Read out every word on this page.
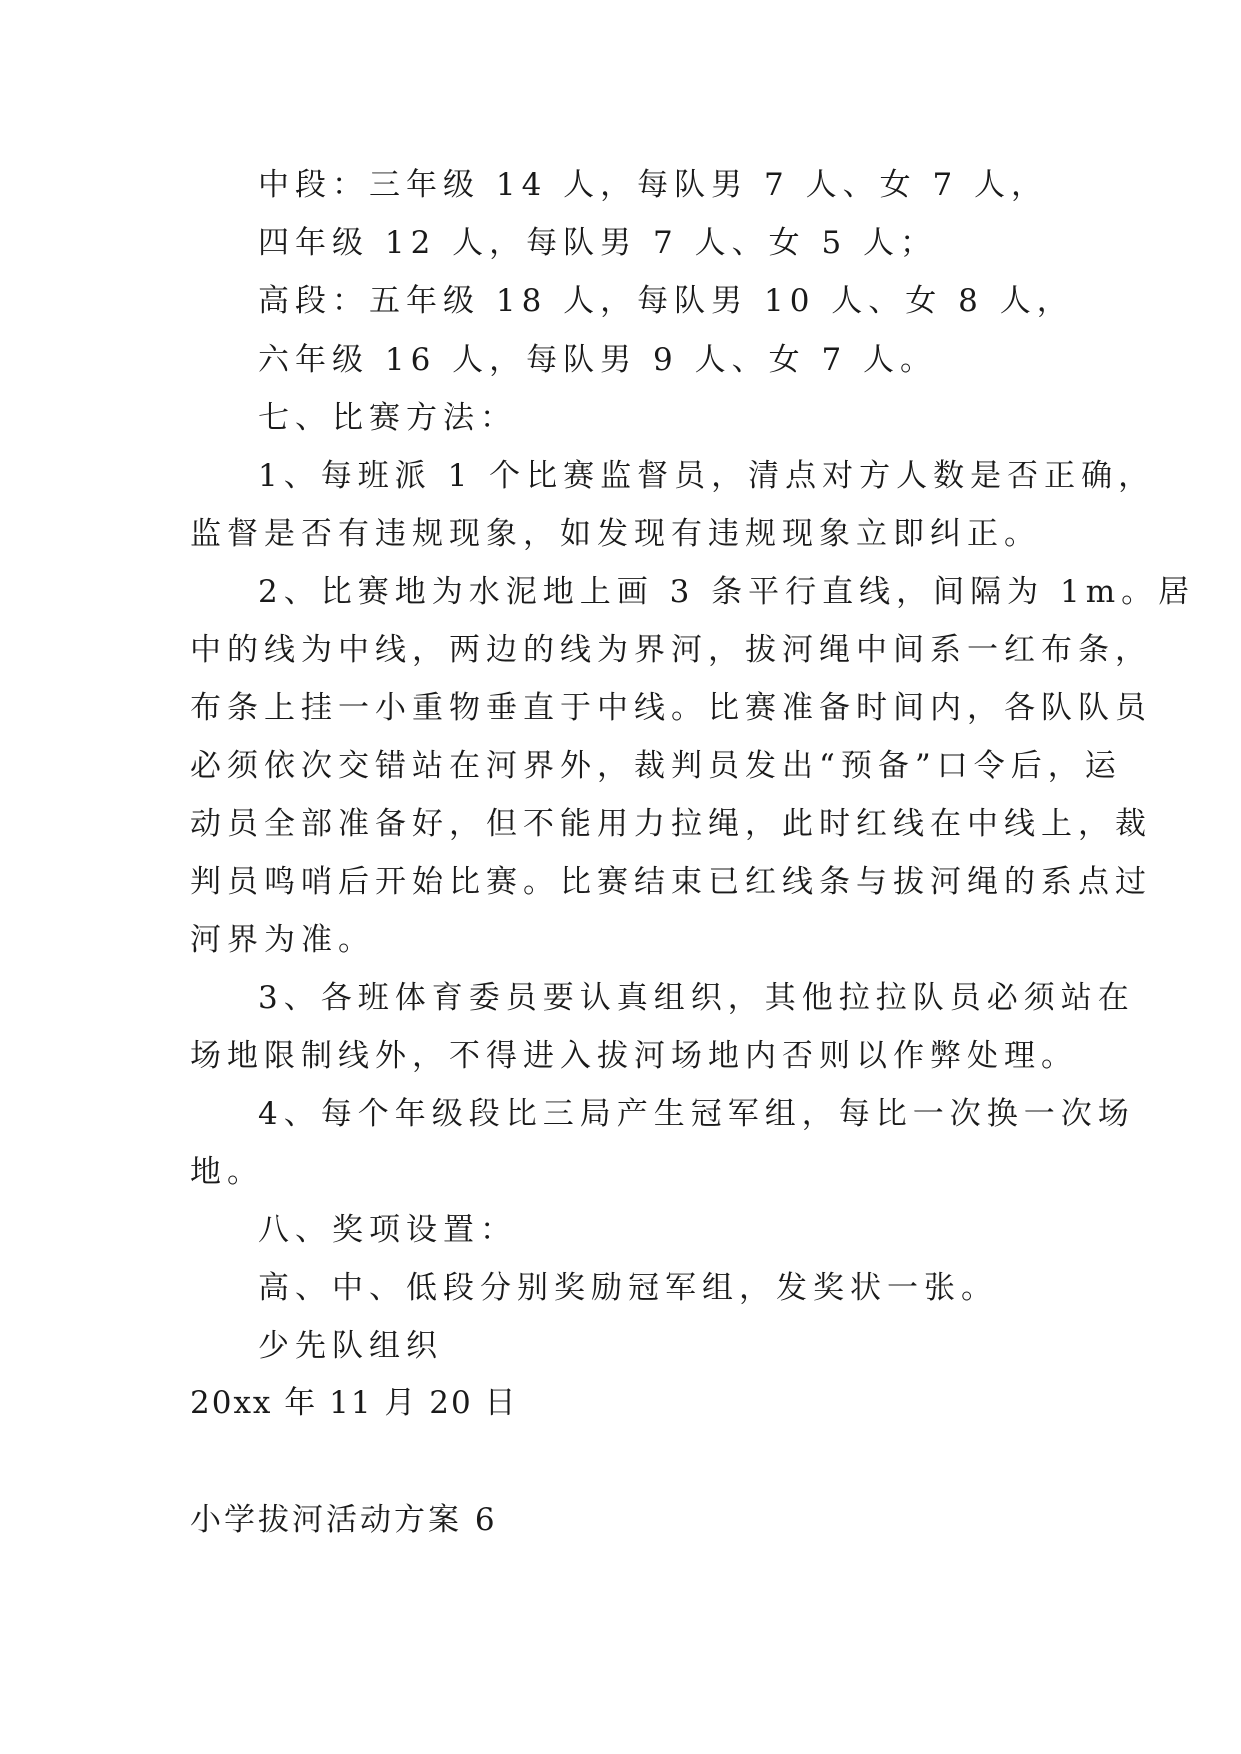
中段：三年级 14 人，每队男 7 人、女 7 人，

四年级 12 人，每队男 7 人、女 5 人；

高段：五年级 18 人，每队男 10 人、女 8 人，

六年级 16 人，每队男 9 人、女 7 人。

七、比赛方法：

1、每班派 1 个比赛监督员，清点对方人数是否正确，

监督是否有违规现象，如发现有违规现象立即纠正。

2、比赛地为水泥地上画 3 条平行直线，间隔为 1m。居

中的线为中线，两边的线为界河，拔河绳中间系一红布条，

布条上挂一小重物垂直于中线。比赛准备时间内，各队队员

必须依次交错站在河界外，裁判员发出“预备”口令后，运

动员全部准备好，但不能用力拉绳，此时红线在中线上，裁

判员鸣哨后开始比赛。比赛结束已红线条与拔河绳的系点过

河界为准。

3、各班体育委员要认真组织，其他拉拉队员必须站在

场地限制线外，不得进入拔河场地内否则以作弊处理。

4、每个年级段比三局产生冠军组，每比一次换一次场

地。

八、奖项设置：

高、中、低段分别奖励冠军组，发奖状一张。

少先队组织

20xx 年 11 月 20 日

小学拔河活动方案 6
